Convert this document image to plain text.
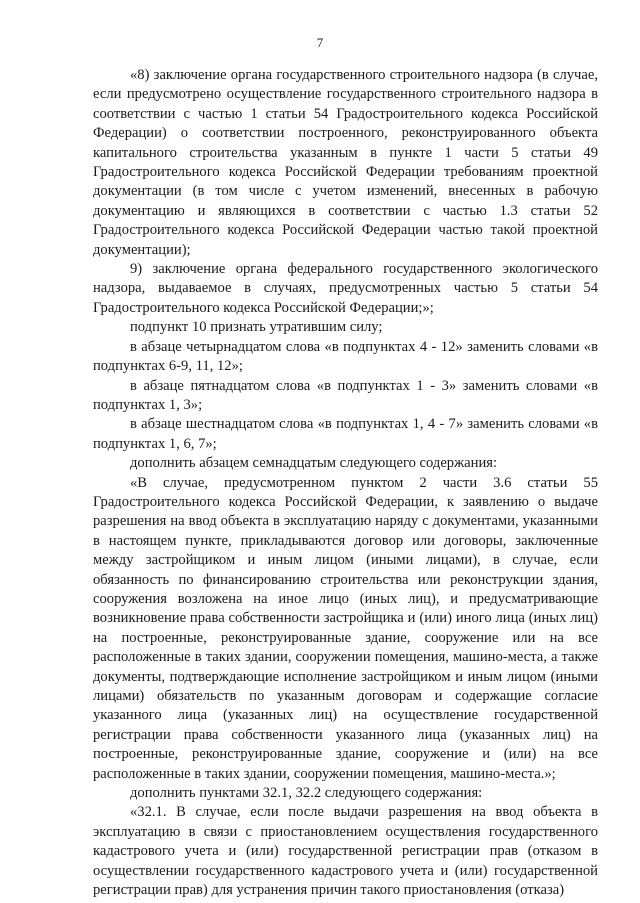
7

«8) заключение органа государственного строительного надзора (в случае, если предусмотрено осуществление государственного строительного надзора в соответствии с частью 1 статьи 54 Градостроительного кодекса Российской Федерации) о соответствии построенного, реконструированного объекта капитального строительства указанным в пункте 1 части 5 статьи 49 Градостроительного кодекса Российской Федерации требованиям проектной документации (в том числе с учетом изменений, внесенных в рабочую документацию и являющихся в соответствии с частью 1.3 статьи 52 Градостроительного кодекса Российской Федерации частью такой проектной документации);

9) заключение органа федерального государственного экологического надзора, выдаваемое в случаях, предусмотренных частью 5 статьи 54 Градостроительного кодекса Российской Федерации;»;

подпункт 10 признать утратившим силу;

в абзаце четырнадцатом слова «в подпунктах 4 - 12» заменить словами «в подпунктах 6-9, 11, 12»;

в абзаце пятнадцатом слова «в подпунктах 1 - 3» заменить словами «в подпунктах 1, 3»;

в абзаце шестнадцатом слова «в подпунктах 1, 4 - 7» заменить словами «в подпунктах 1, 6, 7»;

дополнить абзацем семнадцатым следующего содержания:

«В случае, предусмотренном пунктом 2 части 3.6 статьи 55 Градостроительного кодекса Российской Федерации, к заявлению о выдаче разрешения на ввод объекта в эксплуатацию наряду с документами, указанными в настоящем пункте, прикладываются договор или договоры, заключенные между застройщиком и иным лицом (иными лицами), в случае, если обязанность по финансированию строительства или реконструкции здания, сооружения возложена на иное лицо (иных лиц), и предусматривающие возникновение права собственности застройщика и (или) иного лица (иных лиц) на построенные, реконструированные здание, сооружение или на все расположенные в таких здании, сооружении помещения, машино-места, а также документы, подтверждающие исполнение застройщиком и иным лицом (иными лицами) обязательств по указанным договорам и содержащие согласие указанного лица (указанных лиц) на осуществление государственной регистрации права собственности указанного лица (указанных лиц) на построенные, реконструированные здание, сооружение и (или) на все расположенные в таких здании, сооружении помещения, машино-места.»;

дополнить пунктами 32.1, 32.2 следующего содержания:

«32.1. В случае, если после выдачи разрешения на ввод объекта в эксплуатацию в связи с приостановлением осуществления государственного кадастрового учета и (или) государственной регистрации прав (отказом в осуществлении государственного кадастрового учета и (или) государственной регистрации прав) для устранения причин такого приостановления (отказа)
